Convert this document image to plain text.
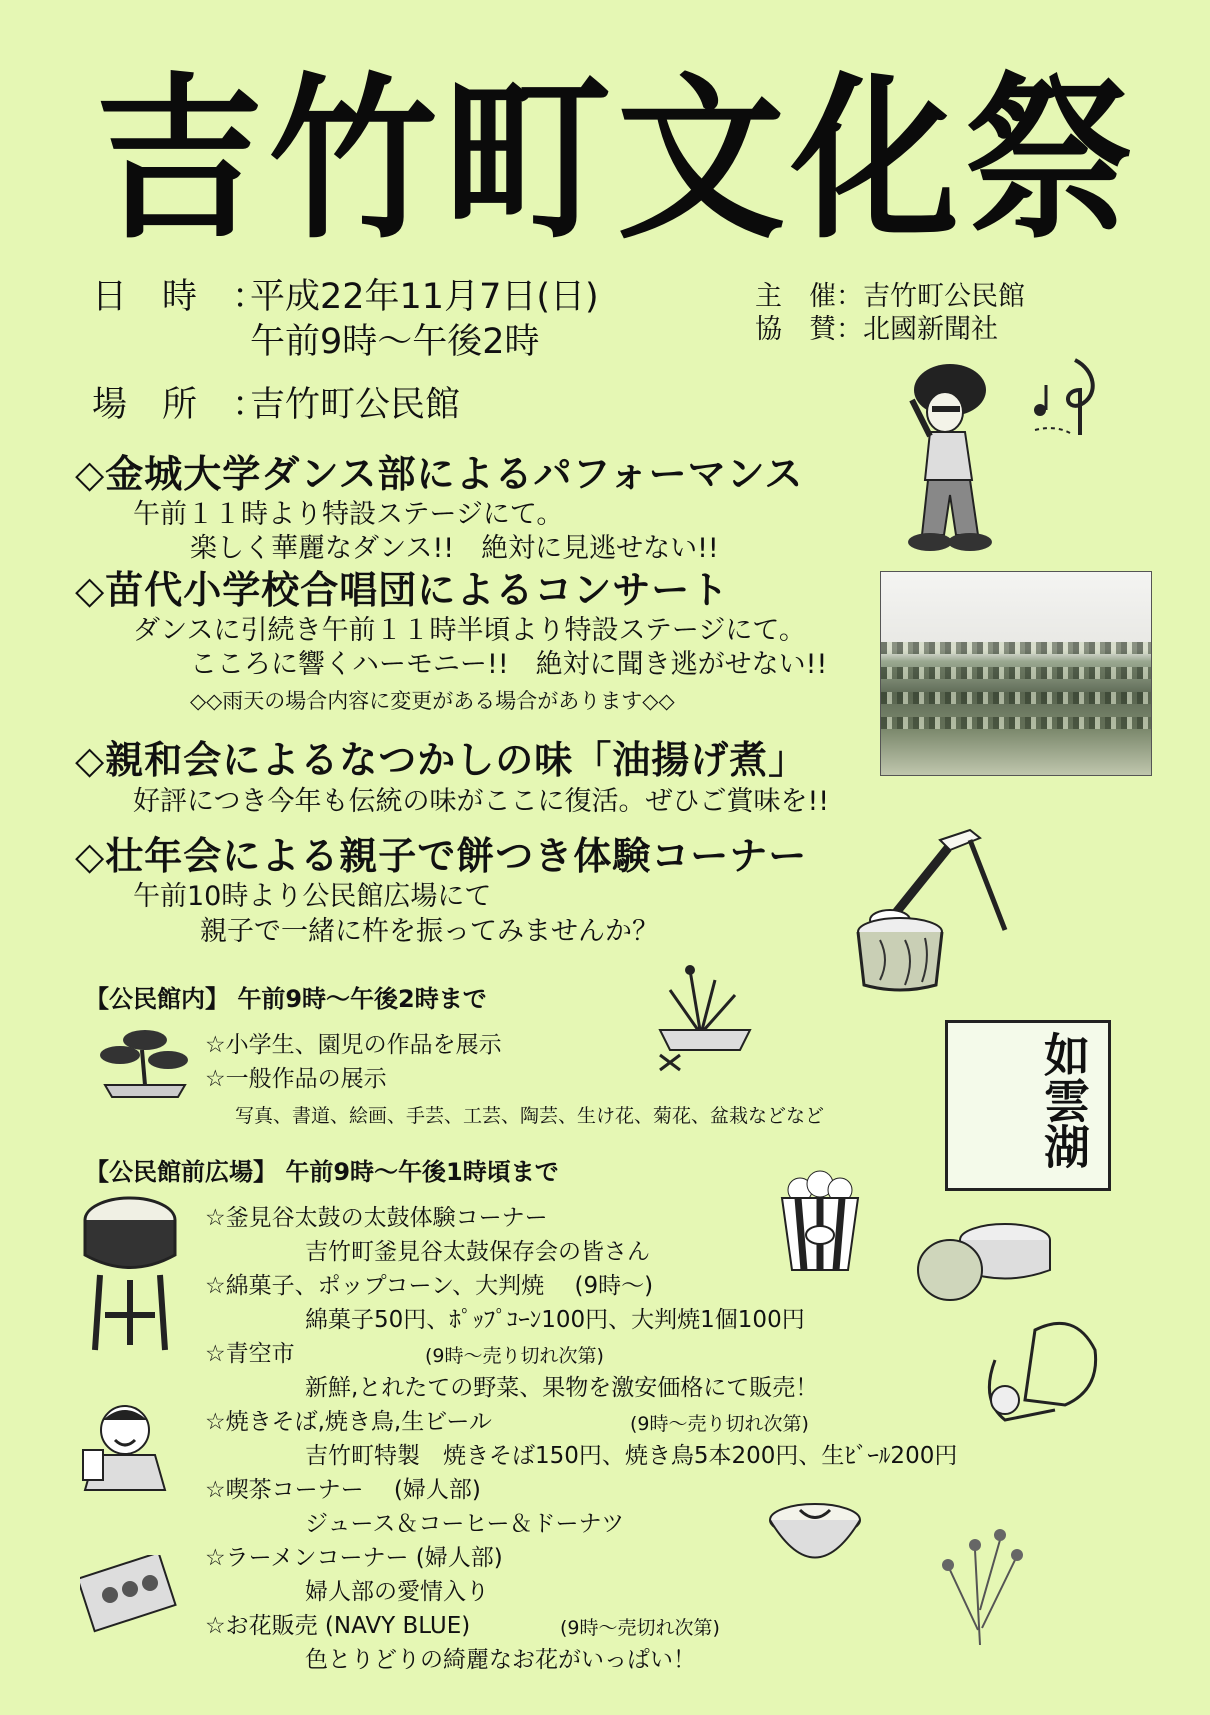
吉竹町文化祭
日　時　：
平成22年11月7日(日)
午前9時～午後2時
場　所　：
吉竹町公民館
主　催：吉竹町公民館
協　賛：北國新聞社
◇金城大学ダンス部によるパフォーマンス
午前１１時より特設ステージにて。
楽しく華麗なダンス!!　絶対に見逃せない!!
◇苗代小学校合唱団によるコンサート
ダンスに引続き午前１１時半頃より特設ステージにて。
こころに響くハーモニー!!　絶対に聞き逃がせない!!
◇◇雨天の場合内容に変更がある場合があります◇◇
◇親和会によるなつかしの味「油揚げ煮」
好評につき今年も伝統の味がここに復活。ぜひご賞味を!!
◇壮年会による親子で餅つき体験コーナー
午前10時より公民館広場にて
親子で一緒に杵を振ってみませんか？
【公民館内】 午前9時～午後2時まで
☆小学生、園児の作品を展示
☆一般作品の展示
写真、書道、絵画、手芸、工芸、陶芸、生け花、菊花、盆栽などなど
【公民館前広場】 午前9時～午後1時頃まで
☆釜見谷太鼓の太鼓体験コーナー
吉竹町釜見谷太鼓保存会の皆さん
☆綿菓子、ポップコーン、大判焼　 (9時～)
綿菓子50円、ﾎﾟｯﾌﾟｺｰﾝ100円、大判焼1個100円
☆青空市	(9時～売り切れ次第)
新鮮,とれたての野菜、果物を激安価格にて販売！
☆焼きそば,焼き鳥,生ビール	(9時～売り切れ次第)
吉竹町特製　焼きそば150円、焼き鳥5本200円、生ﾋﾞｰﾙ200円
☆喫茶コーナー　 (婦人部)
ジュース＆コーヒー＆ドーナツ
☆ラーメンコーナー (婦人部)
婦人部の愛情入り
☆お花販売 (NAVY BLUE)　	(9時～売切れ次第)
色とりどりの綺麗なお花がいっぱい！
如雲湖
